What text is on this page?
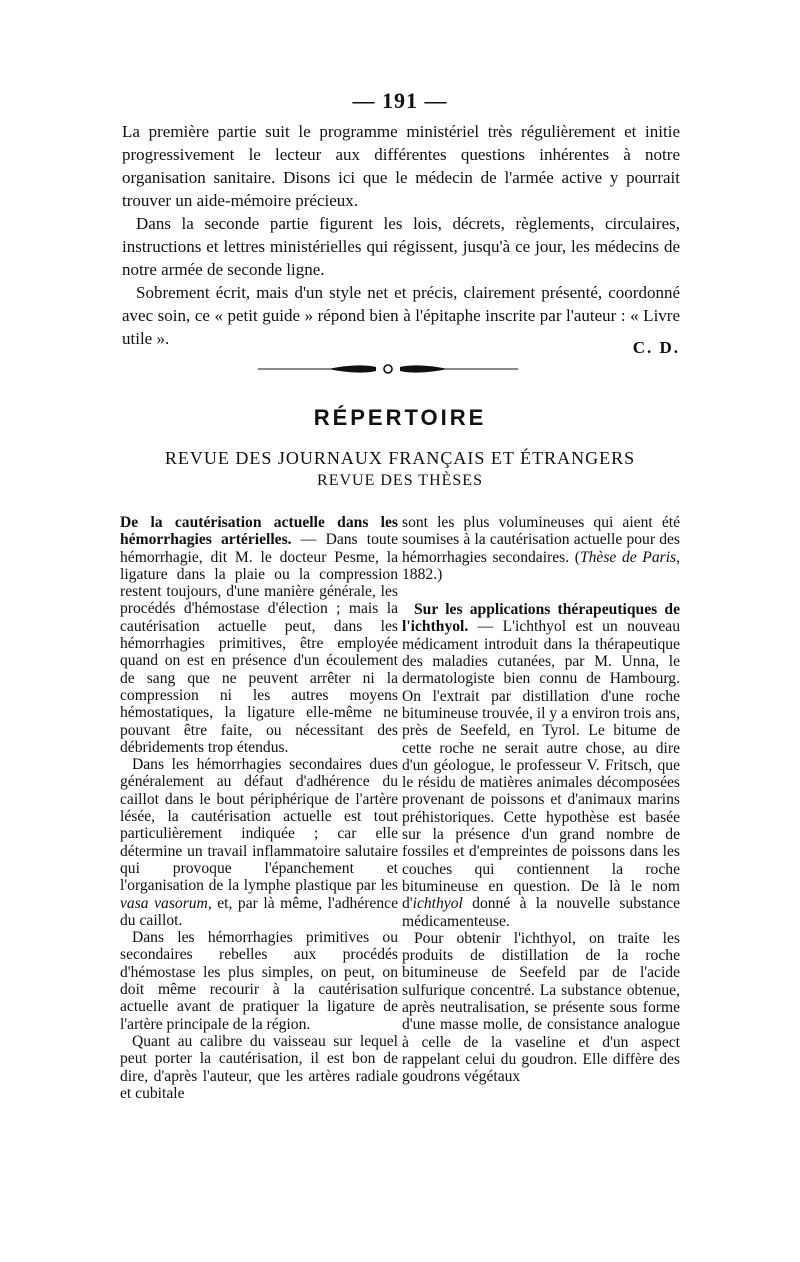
— 191 —

La première partie suit le programme ministériel très régulièrement et initie progressivement le lecteur aux différentes questions inhérentes à notre organisation sanitaire. Disons ici que le médecin de l'armée active y pourrait trouver un aide-mémoire précieux.

Dans la seconde partie figurent les lois, décrets, règlements, circulaires, instructions et lettres ministérielles qui régissent, jusqu'à ce jour, les médecins de notre armée de seconde ligne.

Sobrement écrit, mais d'un style net et précis, clairement présenté, coordonné avec soin, ce « petit guide » répond bien à l'épitaphe inscrite par l'auteur : « Livre utile ».	C. D.
RÉPERTOIRE
REVUE DES JOURNAUX FRANÇAIS ET ÉTRANGERS
REVUE DES THÈSES

De la cautérisation actuelle dans les hémorrhagies artérielles. — Dans toute hémorrhagie, dit M. le docteur Pesme, la ligature dans la plaie ou la compression restent toujours, d'une manière générale, les procédés d'hémostase d'élection ; mais la cautérisation actuelle peut, dans les hémorrhagies primitives, être employée quand on est en présence d'un écoulement de sang que ne peuvent arrêter ni la compression ni les autres moyens hémostatiques, la ligature elle-même ne pouvant être faite, ou nécessitant des débridements trop étendus.

Dans les hémorrhagies secondaires dues généralement au défaut d'adhérence du caillot dans le bout périphérique de l'artère lésée, la cautérisation actuelle est tout particulièrement indiquée ; car elle détermine un travail inflammatoire salutaire qui provoque l'épanchement et l'organisation de la lymphe plastique par les vasa vasorum, et, par là même, l'adhérence du caillot.

Dans les hémorrhagies primitives ou secondaires rebelles aux procédés d'hémostase les plus simples, on peut, on doit même recourir à la cautérisation actuelle avant de pratiquer la ligature de l'artère principale de la région.

Quant au calibre du vaisseau sur lequel peut porter la cautérisation, il est bon de dire, d'après l'auteur, que les artères radiale et cubitale

sont les plus volumineuses qui aient été soumises à la cautérisation actuelle pour des hémorrhagies secondaires. (Thèse de Paris, 1882.)

Sur les applications thérapeutiques de l'ichthyol. — L'ichthyol est un nouveau médicament introduit dans la thérapeutique des maladies cutanées, par M. Unna, le dermatologiste bien connu de Hambourg. On l'extrait par distillation d'une roche bitumineuse trouvée, il y a environ trois ans, près de Seefeld, en Tyrol. Le bitume de cette roche ne serait autre chose, au dire d'un géologue, le professeur V. Fritsch, que le résidu de matières animales décomposées provenant de poissons et d'animaux marins préhistoriques. Cette hypothèse est basée sur la présence d'un grand nombre de fossiles et d'empreintes de poissons dans les couches qui contiennent la roche bitumineuse en question. De là le nom d'ichthyol donné à la nouvelle substance médicamenteuse.

Pour obtenir l'ichthyol, on traite les produits de distillation de la roche bitumineuse de Seefeld par de l'acide sulfurique concentré. La substance obtenue, après neutralisation, se présente sous forme d'une masse molle, de consistance analogue à celle de la vaseline et d'un aspect rappelant celui du goudron. Elle diffère des goudrons végétaux
